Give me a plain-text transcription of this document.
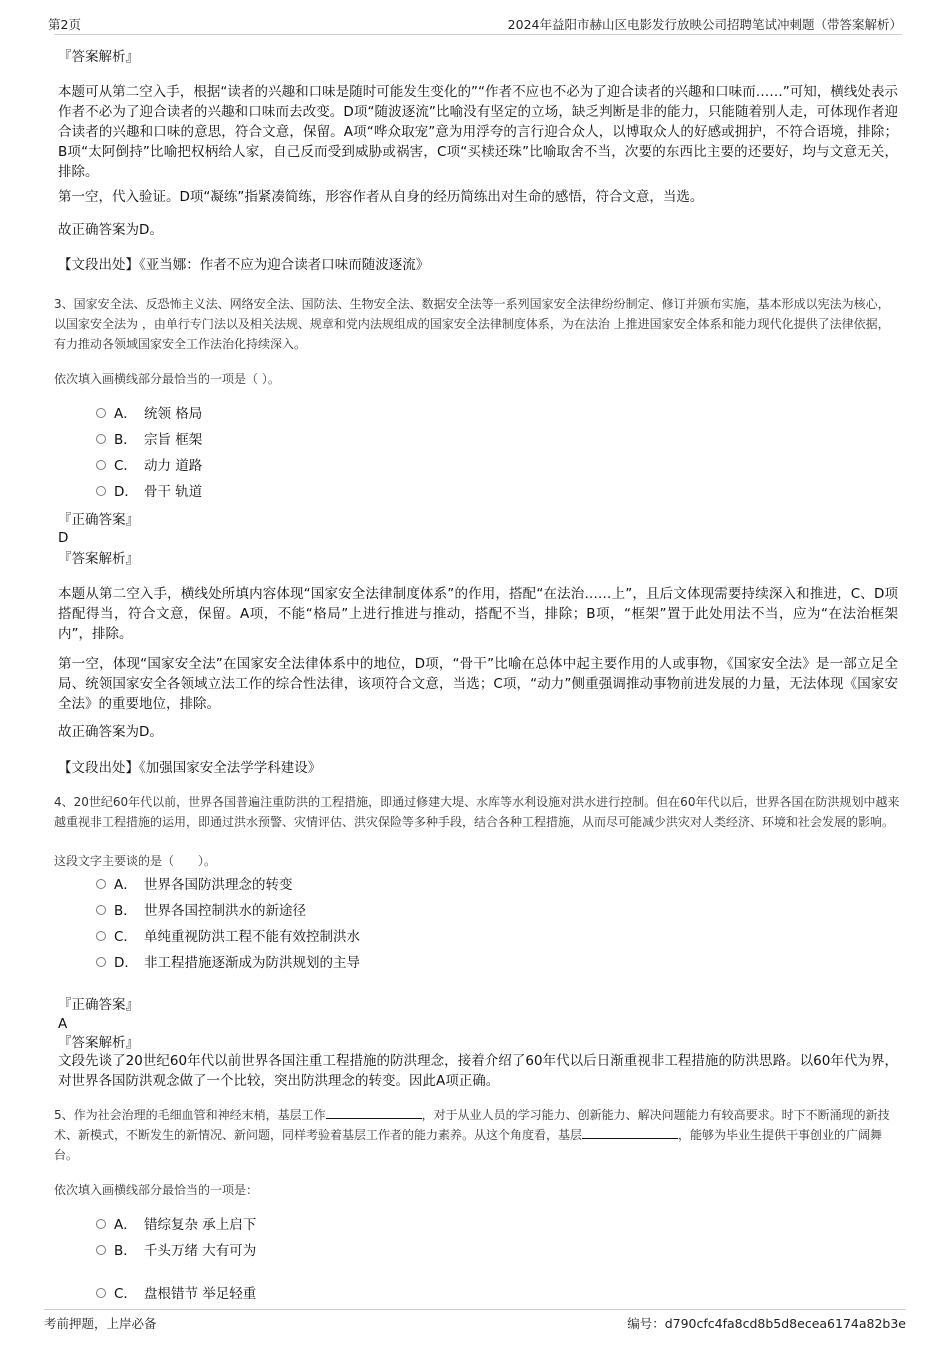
第2页	2024年益阳市赫山区电影发行放映公司招聘笔试冲刺题（带答案解析）
『答案解析』
本题可从第二空入手，根据“读者的兴趣和口味是随时可能发生变化的”“作者不应也不必为了迎合读者的兴趣和口味而……”可知，横线处表示作者不必为了迎合读者的兴趣和口味而去改变。D项“随波逐流”比喻没有坚定的立场，缺乏判断是非的能力，只能随着别人走，可体现作者迎合读者的兴趣和口味的意思，符合文意，保留。A项“哗众取宠”意为用浮夸的言行迎合众人，以博取众人的好感或拥护，不符合语境，排除；B项“太阿倒持”比喻把权柄给人家，自己反而受到威胁或祸害，C项“买椟还珠”比喻取舍不当，次要的东西比主要的还要好，均与文意无关，排除。
第一空，代入验证。D项“凝练”指紧凑简练，形容作者从自身的经历简练出对生命的感悟，符合文意，当选。
故正确答案为D。
【文段出处】《亚当娜：作者不应为迎合读者口味而随波逐流》
3、国家安全法、反恐怖主义法、网络安全法、国防法、生物安全法、数据安全法等一系列国家安全法律纷纷制定、修订并颁布实施，基本形成以宪法为核心，以国家安全法为 ，由单行专门法以及相关法规、规章和党内法规组成的国家安全法律制度体系，为在法治 上推进国家安全体系和能力现代化提供了法律依据，有力推动各领域国家安全工作法治化持续深入。
依次填入画横线部分最恰当的一项是（ ）。
A． 统领 格局
B． 宗旨 框架
C． 动力 道路
D． 骨干 轨道
『正确答案』
D
『答案解析』
本题从第二空入手，横线处所填内容体现“国家安全法律制度体系”的作用，搭配“在法治……上”，且后文体现需要持续深入和推进，C、D项搭配得当，符合文意，保留。A项，不能“格局”上进行推进与推动，搭配不当，排除；B项，“框架”置于此处用法不当，应为“在法治框架内”，排除。
第一空，体现“国家安全法”在国家安全法律体系中的地位，D项，“骨干”比喻在总体中起主要作用的人或事物，《国家安全法》是一部立足全局、统领国家安全各领域立法工作的综合性法律，该项符合文意，当选；C项，“动力”侧重强调推动事物前进发展的力量，无法体现《国家安全法》的重要地位，排除。
故正确答案为D。
【文段出处】《加强国家安全法学学科建设》
4、20世纪60年代以前，世界各国普遍注重防洪的工程措施，即通过修建大堤、水库等水利设施对洪水进行控制。但在60年代以后，世界各国在防洪规划中越来越重视非工程措施的运用，即通过洪水预警、灾情评估、洪灾保险等多种手段，结合各种工程措施，从而尽可能减少洪灾对人类经济、环境和社会发展的影响。
这段文字主要谈的是（　　）。
A． 世界各国防洪理念的转变
B． 世界各国控制洪水的新途径
C． 单纯重视防洪工程不能有效控制洪水
D． 非工程措施逐渐成为防洪规划的主导
『正确答案』
A
『答案解析』
文段先谈了20世纪60年代以前世界各国注重工程措施的防洪理念，接着介绍了60年代以后日渐重视非工程措施的防洪思路。以60年代为界，对世界各国防洪观念做了一个比较，突出防洪理念的转变。因此A项正确。
5、作为社会治理的毛细血管和神经末梢，基层工作	，对于从业人员的学习能力、创新能力、解决问题能力有较高要求。时下不断涌现的新技术、新模式，不断发生的新情况、新问题，同样考验着基层工作者的能力素养。从这个角度看，基层	，能够为毕业生提供干事创业的广阔舞台。
依次填入画横线部分最恰当的一项是：
A． 错综复杂 承上启下
B． 千头万绪 大有可为
C． 盘根错节 举足轻重
考前押题，上岸必备	编号：d790cfc4fa8cd8b5d8ecea6174a82b3e
